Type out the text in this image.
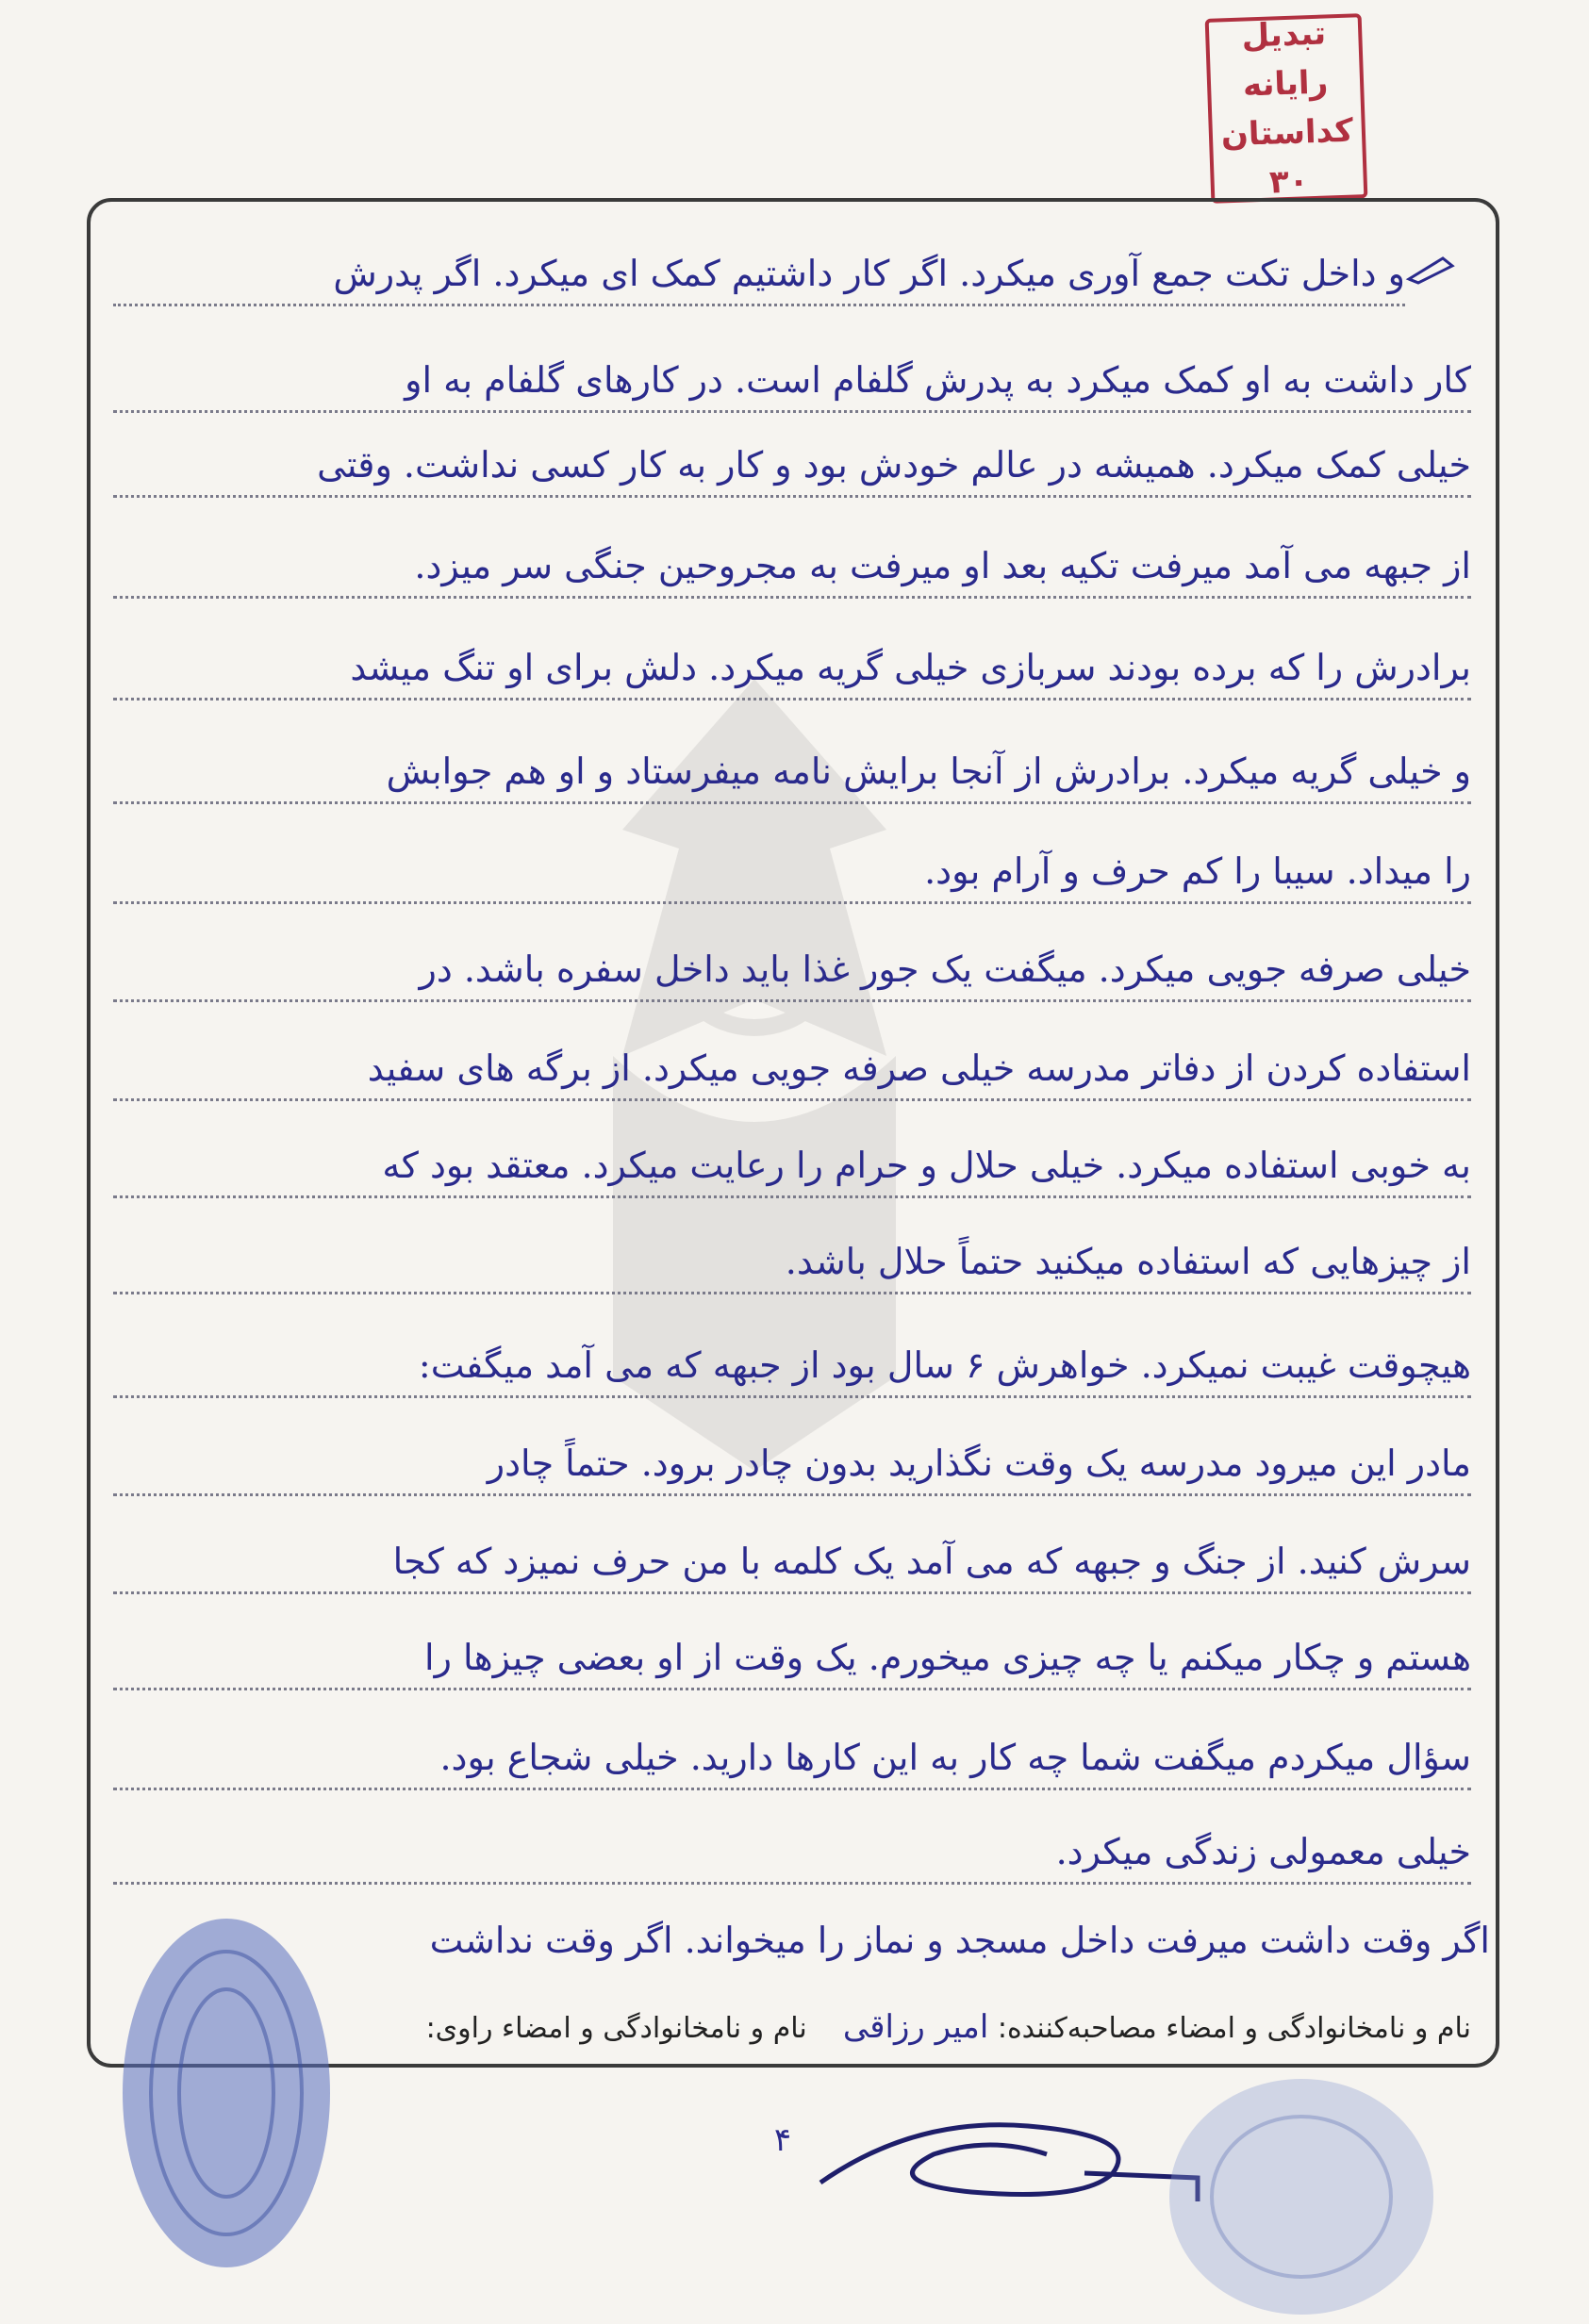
تبدیل رایانه
کداستان ۳۰
و داخل تکت جمع آوری میکرد. اگر کار داشتیم کمک ای میکرد. اگر پدرش
کار داشت به او کمک میکرد به پدرش گلفام است. در کارهای گلفام به او
خیلی کمک میکرد. همیشه در عالم خودش بود و کار به کار کسی نداشت. وقتی
از جبهه می آمد میرفت تکیه بعد او میرفت به مجروحین جنگی سر میزد.
برادرش را که برده بودند سربازی خیلی گریه میکرد. دلش برای او تنگ میشد
و خیلی گریه میکرد. برادرش از آنجا برایش نامه میفرستاد و او هم جوابش
را میداد. سیبا را کم حرف و آرام بود.
خیلی صرفه جویی میکرد. میگفت یک جور غذا باید داخل سفره باشد. در
استفاده کردن از دفاتر مدرسه خیلی صرفه جویی میکرد. از برگه های سفید
به خوبی استفاده میکرد. خیلی حلال و حرام را رعایت میکرد. معتقد بود که
از چیزهایی که استفاده میکنید حتماً حلال باشد.
هیچوقت غیبت نمیکرد. خواهرش ۶ سال بود از جبهه که می آمد میگفت:
مادر این میرود مدرسه یک وقت نگذارید بدون چادر برود. حتماً چادر
سرش کنید. از جنگ و جبهه که می آمد یک کلمه با من حرف نمیزد که کجا
هستم و چکار میکنم یا چه چیزی میخورم. یک وقت از او بعضی چیزها را
سؤال میکردم میگفت شما چه کار به این کارها دارید. خیلی شجاع بود.
خیلی معمولی زندگی میکرد.
اگر وقت داشت میرفت داخل مسجد و نماز را میخواند. اگر وقت نداشت
نام و نامخانوادگی و امضاء مصاحبه‌کننده: امیر رزاقی    نام و نامخانوادگی و امضاء راوی:
۴
